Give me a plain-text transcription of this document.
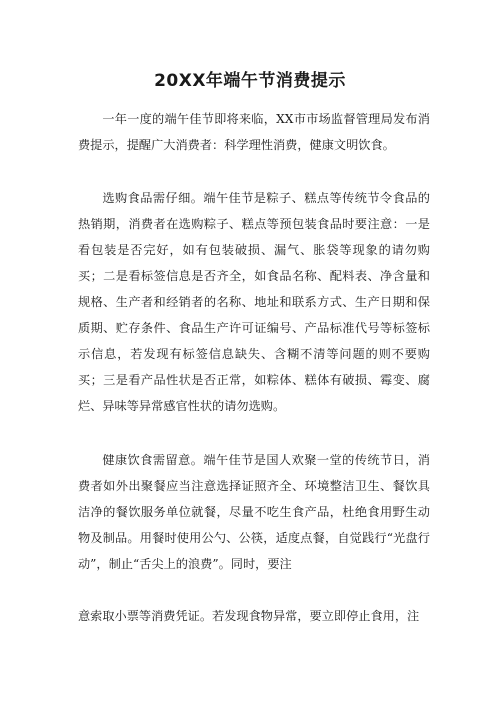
20XX年端午节消费提示

一年一度的端午佳节即将来临，XX市市场监督管理局发布消费提示，提醒广大消费者：科学理性消费，健康文明饮食。

选购食品需仔细。端午佳节是粽子、糕点等传统节令食品的热销期，消费者在选购粽子、糕点等预包装食品时要注意：一是看包装是否完好，如有包装破损、漏气、胀袋等现象的请勿购买；二是看标签信息是否齐全，如食品名称、配料表、净含量和规格、生产者和经销者的名称、地址和联系方式、生产日期和保质期、贮存条件、食品生产许可证编号、产品标准代号等标签标示信息，若发现有标签信息缺失、含糊不清等问题的则不要购买；三是看产品性状是否正常，如粽体、糕体有破损、霉变、腐烂、异味等异常感官性状的请勿选购。

健康饮食需留意。端午佳节是国人欢聚一堂的传统节日，消费者如外出聚餐应当注意选择证照齐全、环境整洁卫生、餐饮具洁净的餐饮服务单位就餐，尽量不吃生食产品，杜绝食用野生动物及制品。用餐时使用公勺、公筷，适度点餐，自觉践行“光盘行动”，制止“舌尖上的浪费”。同时，要注

意索取小票等消费凭证。若发现食物异常，要立即停止食用，注
